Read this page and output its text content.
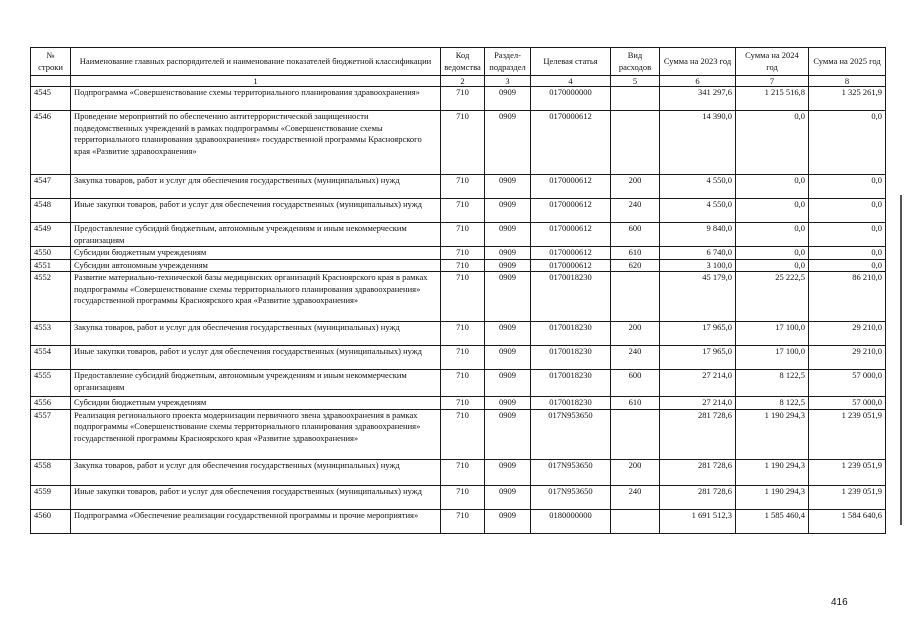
№ строки	Наименование главных распорядителей и наименование показателей бюджетной классификации	Код ведомства	Раздел-подраздел	Целевая статья	Вид расходов	Сумма на 2023 год	Сумма на 2024 год	Сумма на 2025 год
	1	2	3	4	5	6	7	8
4545	Подпрограмма «Совершенствование схемы территориального планирования здравоохранения»	710	0909	0170000000		341 297,6	1 215 516,8	1 325 261,9
4546	Проведение мероприятий по обеспечению антитеррористической защищенности подведомственных учреждений в рамках подпрограммы «Совершенствование схемы территориального планирования здравоохранения» государственной программы Красноярского края «Развитие здравоохранения»	710	0909	0170000612		14 390,0	0,0	0,0
4547	Закупка товаров, работ и услуг для обеспечения государственных (муниципальных) нужд	710	0909	0170000612	200	4 550,0	0,0	0,0
4548	Иные закупки товаров, работ и услуг для обеспечения государственных (муниципальных) нужд	710	0909	0170000612	240	4 550,0	0,0	0,0
4549	Предоставление субсидий бюджетным, автономным учреждениям и иным некоммерческим организациям	710	0909	0170000612	600	9 840,0	0,0	0,0
4550	Субсидии бюджетным учреждениям	710	0909	0170000612	610	6 740,0	0,0	0,0
4551	Субсидии автономным учреждениям	710	0909	0170000612	620	3 100,0	0,0	0,0
4552	Развитие материально-технической базы медицинских организаций Красноярского края в рамках подпрограммы «Совершенствование схемы территориального планирования здравоохранения» государственной программы Красноярского края «Развитие здравоохранения»	710	0909	0170018230		45 179,0	25 222,5	86 210,0
4553	Закупка товаров, работ и услуг для обеспечения государственных (муниципальных) нужд	710	0909	0170018230	200	17 965,0	17 100,0	29 210,0
4554	Иные закупки товаров, работ и услуг для обеспечения государственных (муниципальных) нужд	710	0909	0170018230	240	17 965,0	17 100,0	29 210,0
4555	Предоставление субсидий бюджетным, автономным учреждениям и иным некоммерческим организациям	710	0909	0170018230	600	27 214,0	8 122,5	57 000,0
4556	Субсидии бюджетным учреждениям	710	0909	0170018230	610	27 214,0	8 122,5	57 000,0
4557	Реализация регионального проекта модернизации первичного звена здравоохранения в рамках подпрограммы «Совершенствование схемы территориального планирования здравоохранения» государственной программы Красноярского края «Развитие здравоохранения»	710	0909	017N953650		281 728,6	1 190 294,3	1 239 051,9
4558	Закупка товаров, работ и услуг для обеспечения государственных (муниципальных) нужд	710	0909	017N953650	200	281 728,6	1 190 294,3	1 239 051,9
4559	Иные закупки товаров, работ и услуг для обеспечения государственных (муниципальных) нужд	710	0909	017N953650	240	281 728,6	1 190 294,3	1 239 051,9
4560	Подпрограмма «Обеспечение реализации государственной программы и прочие мероприятия»	710	0909	0180000000		1 691 512,3	1 585 460,4	1 584 640,6
416
